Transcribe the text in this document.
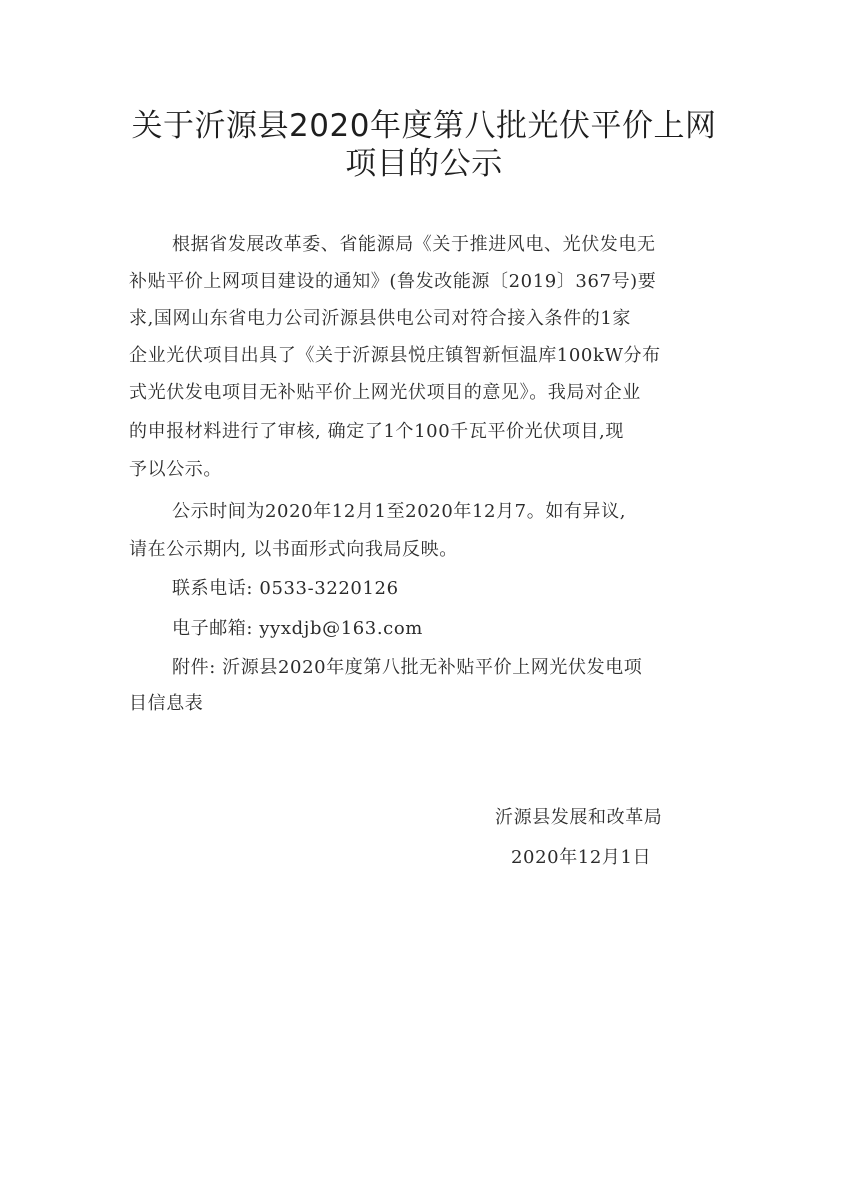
关于沂源县2020年度第八批光伏平价上网
项目的公示
根据省发展改革委、省能源局《关于推进风电、光伏发电无
补贴平价上网项目建设的通知》(鲁发改能源〔2019〕367号)要
求,国网山东省电力公司沂源县供电公司对符合接入条件的1家
企业光伏项目出具了《关于沂源县悦庄镇智新恒温库100kW分布
式光伏发电项目无补贴平价上网光伏项目的意见》。我局对企业
的申报材料进行了审核, 确定了1个100千瓦平价光伏项目,现
予以公示。
公示时间为2020年12月1至2020年12月7。如有异议,
请在公示期内, 以书面形式向我局反映。
联系电话: 0533-3220126
电子邮箱: yyxdjb@163.com
附件: 沂源县2020年度第八批无补贴平价上网光伏发电项
目信息表
沂源县发展和改革局
2020年12月1日
